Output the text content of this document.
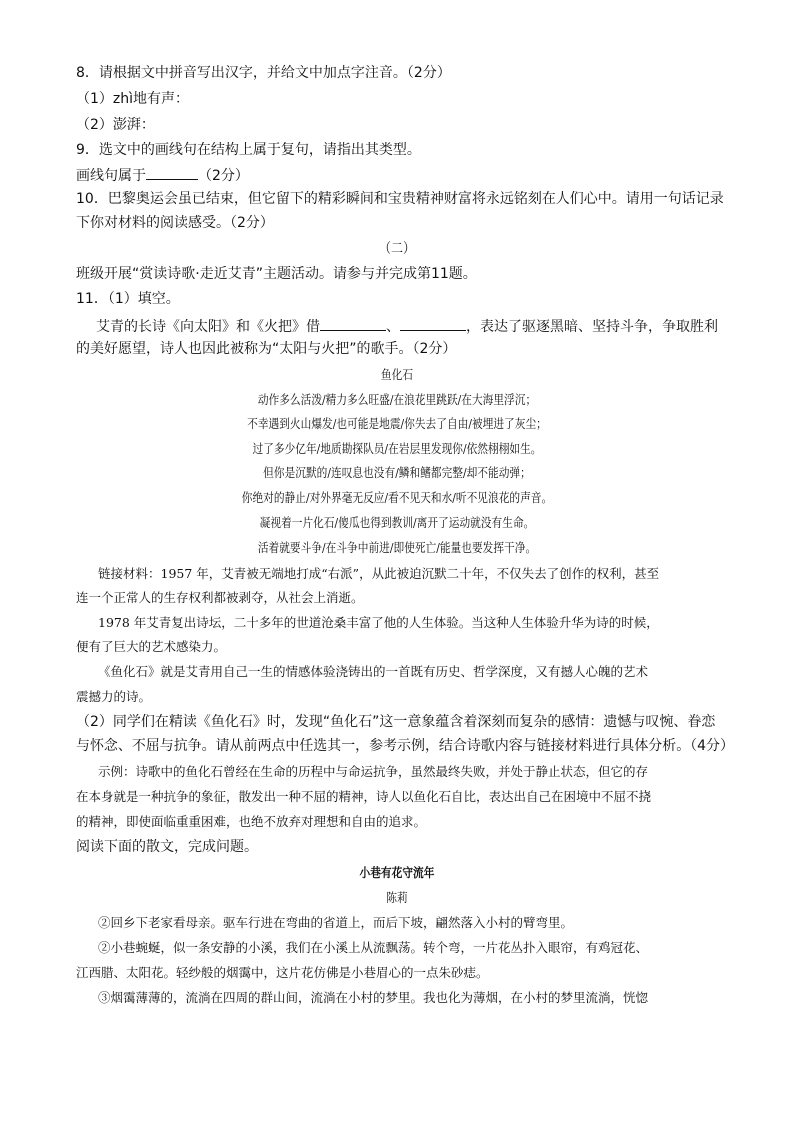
8．请根据文中拼音写出汉字，并给文中加点字注音。（2分）
（1）zhì地有声：
（2）澎湃：
9．选文中的画线句在结构上属于复句，请指出其类型。
画线句属于	（2分）
10．巴黎奥运会虽已结束，但它留下的精彩瞬间和宝贵精神财富将永远铭刻在人们心中。请用一句话记录
下你对材料的阅读感受。（2分）
（二）
班级开展“赏读诗歌·走近艾青”主题活动。请参与并完成第11题。
11．（1）填空。
艾青的长诗《向太阳》和《火把》借	、	，表达了驱逐黑暗、坚持斗争，争取胜利
的美好愿望，诗人也因此被称为“太阳与火把”的歌手。（2分）
鱼化石
动作多么活泼/精力多么旺盛/在浪花里跳跃/在大海里浮沉；
不幸遇到火山爆发/也可能是地震/你失去了自由/被埋进了灰尘；
过了多少亿年/地质勘探队员/在岩层里发现你/依然栩栩如生。
但你是沉默的/连叹息也没有/鳞和鳍都完整/却不能动弹；
你绝对的静止/对外界毫无反应/看不见天和水/听不见浪花的声音。
凝视着一片化石/傻瓜也得到教训/离开了运动就没有生命。
活着就要斗争/在斗争中前进/即使死亡/能量也要发挥干净。
链接材料：1957 年，艾青被无端地打成“右派”，从此被迫沉默二十年，不仅失去了创作的权利，甚至
连一个正常人的生存权利都被剥夺，从社会上消逝。
1978 年艾青复出诗坛，二十多年的世道沧桑丰富了他的人生体验。当这种人生体验升华为诗的时候，
便有了巨大的艺术感染力。
《鱼化石》就是艾青用自己一生的情感体验浇铸出的一首既有历史、哲学深度，又有撼人心魄的艺术
震撼力的诗。
（2）同学们在精读《鱼化石》时，发现“鱼化石”这一意象蕴含着深刻而复杂的感情：遗憾与叹惋、眷恋
与怀念、不屈与抗争。请从前两点中任选其一，参考示例，结合诗歌内容与链接材料进行具体分析。（4分）
示例：诗歌中的鱼化石曾经在生命的历程中与命运抗争，虽然最终失败，并处于静止状态，但它的存
在本身就是一种抗争的象征，散发出一种不屈的精神，诗人以鱼化石自比，表达出自己在困境中不屈不挠
的精神，即使面临重重困难，也绝不放弃对理想和自由的追求。
阅读下面的散文，完成问题。
小巷有花守流年
陈莉
②回乡下老家看母亲。驱车行进在弯曲的省道上，而后下坡，翩然落入小村的臂弯里。
②小巷蜿蜒，似一条安静的小溪，我们在小溪上从流飘荡。转个弯，一片花丛扑入眼帘，有鸡冠花、
江西腊、太阳花。轻纱般的烟霭中，这片花仿佛是小巷眉心的一点朱砂痣。
③烟霭薄薄的，流淌在四周的群山间，流淌在小村的梦里。我也化为薄烟，在小村的梦里流淌，恍惚
